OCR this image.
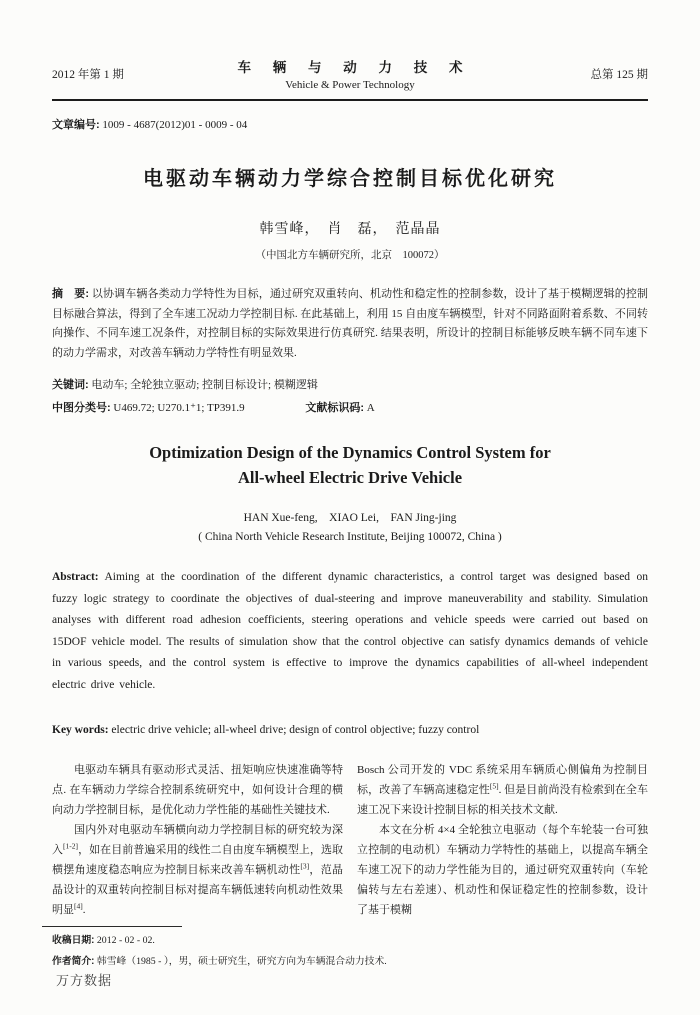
2012 年第 1 期	车 辆 与 动 力 技 术
Vehicle & Power Technology
总第 125 期
文章编号: 1009 - 4687(2012)01 - 0009 - 04
电驱动车辆动力学综合控制目标优化研究
韩雪峰，　肖　磊，　范晶晶
（中国北方车辆研究所，北京　100072）
摘　要: 以协调车辆各类动力学特性为目标，通过研究双重转向、机动性和稳定性的控制参数，设计了基于模糊逻辑的控制目标融合算法，得到了全车速工况动力学控制目标. 在此基础上，利用 15 自由度车辆模型，针对不同路面附着系数、不同转向操作、不同车速工况条件，对控制目标的实际效果进行仿真研究. 结果表明，所设计的控制目标能够反映车辆不同车速下的动力学需求，对改善车辆动力学特性有明显效果.
关键词: 电动车; 全轮独立驱动; 控制目标设计; 模糊逻辑
中图分类号: U469.72; U270.1⁺1; TP391.9	文献标识码: A
Optimization Design of the Dynamics Control System for
All-wheel Electric Drive Vehicle
HAN Xue-feng,　XIAO Lei,　FAN Jing-jing
( China North Vehicle Research Institute, Beijing 100072, China )
Abstract: Aiming at the coordination of the different dynamic characteristics, a control target was designed based on fuzzy logic strategy to coordinate the objectives of dual-steering and improve maneuverability and stability. Simulation analyses with different road adhesion coefficients, steering operations and vehicle speeds were carried out based on 15DOF vehicle model. The results of simulation show that the control objective can satisfy dynamics demands of vehicle in various speeds, and the control system is effective to improve the dynamics capabilities of all-wheel independent electric drive vehicle.
Key words: electric drive vehicle; all-wheel drive; design of control objective; fuzzy control

电驱动车辆具有驱动形式灵活、扭矩响应快速准确等特点. 在车辆动力学综合控制系统研究中，如何设计合理的横向动力学控制目标，是优化动力学性能的基础性关键技术.

国内外对电驱动车辆横向动力学控制目标的研究较为深入[1-2]，如在目前普遍采用的线性二自由度车辆模型上，选取横摆角速度稳态响应为控制目标来改善车辆机动性[3]，范晶晶设计的双重转向控制目标对提高车辆低速转向机动性效果明显[4].

Bosch 公司开发的 VDC 系统采用车辆质心侧偏角为控制目标，改善了车辆高速稳定性[5]. 但是目前尚没有检索到在全车速工况下来设计控制目标的相关技术文献.

本文在分析 4×4 全轮独立电驱动（每个车轮装一台可独立控制的电动机）车辆动力学特性的基础上，以提高车辆全车速工况下的动力学性能为目的，通过研究双重转向（车轮偏转与左右差速）、机动性和保证稳定性的控制参数，设计了基于模糊

收稿日期: 2012 - 02 - 02.
作者简介: 韩雪峰（1985 - ），男，硕士研究生，研究方向为车辆混合动力技术.
万方数据
